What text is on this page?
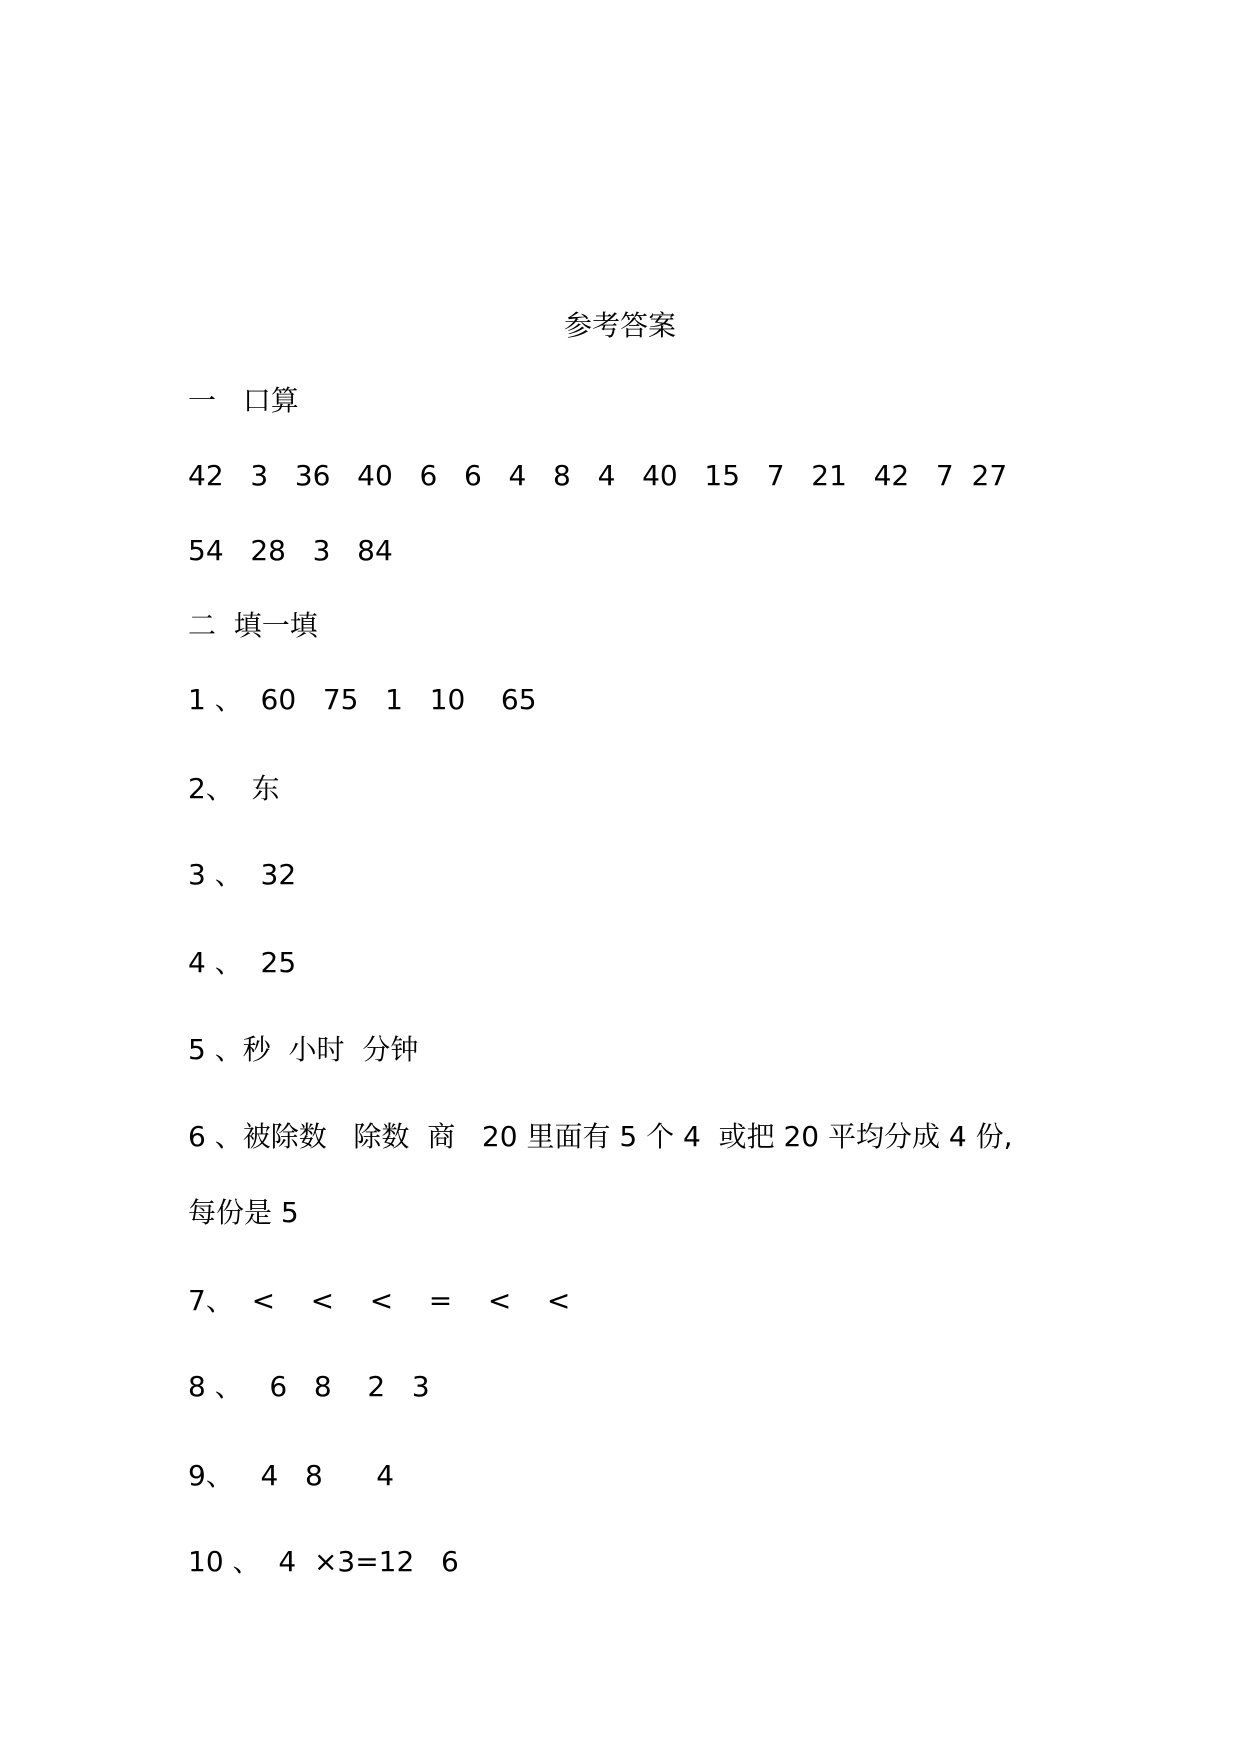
参考答案
一   口算
42   3   36   40   6   6   4   8   4   40   15   7   21   42   7  27
54   28   3   84
二  填一填
1 、  60   75   1   10    65
2、  东
3 、  32
4 、  25
5 、秒  小时  分钟
6 、被除数   除数  商   20 里面有 5 个 4  或把 20 平均分成 4 份,
每份是 5
7、  <    <    <    =    <    <
8 、   6   8    2   3
9、   4   8      4
10 、  4  ×3=12   6
